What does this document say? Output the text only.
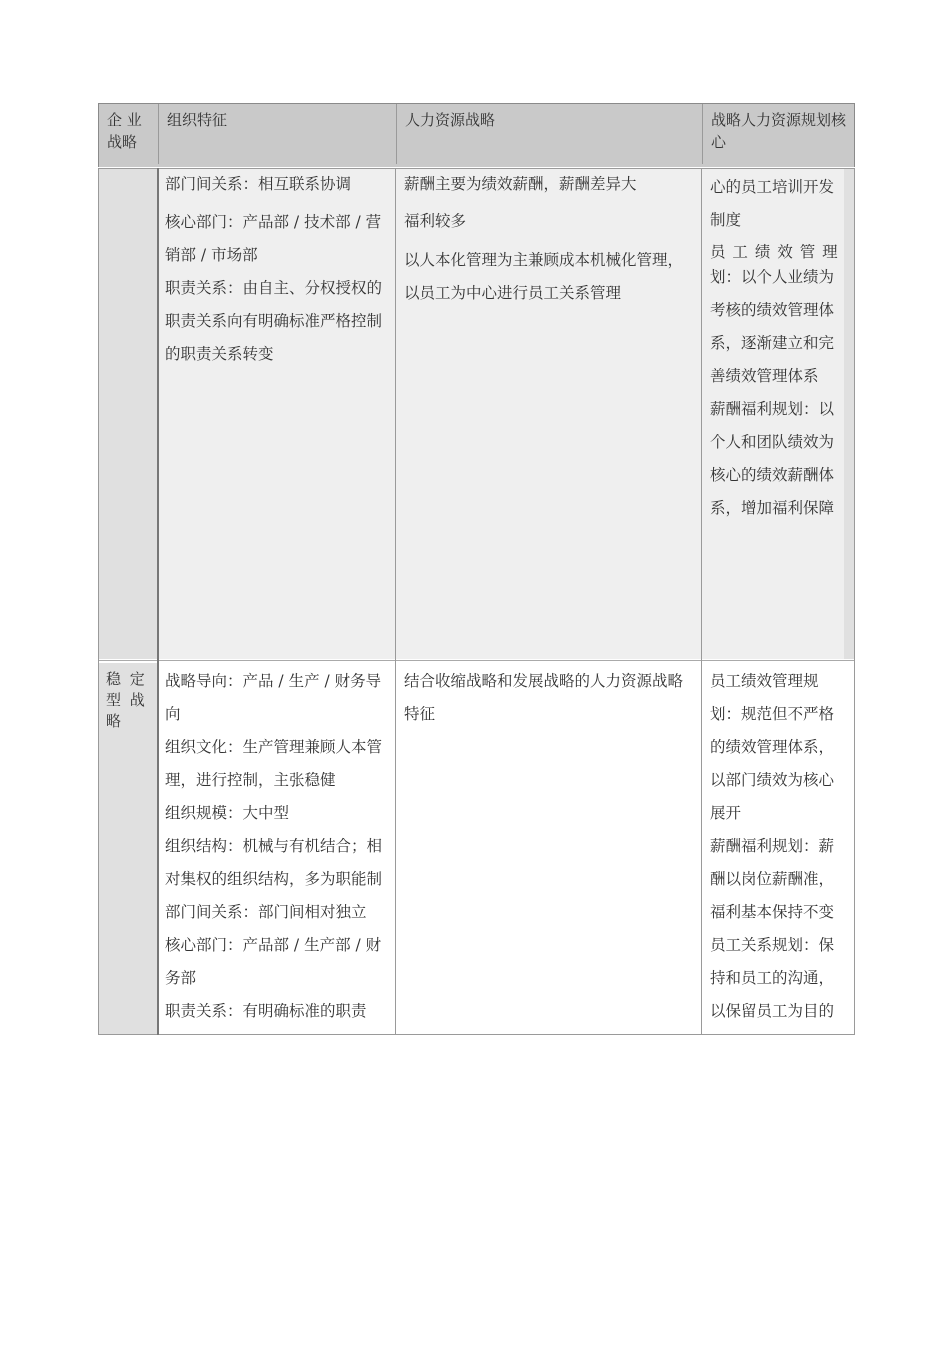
企 业 战略
组织特征	人力资源战略	战略人力资源规划核心

部门间关系：相互联系协调

核心部门：产品部 / 技术部 / 营销部 / 市场部

职责关系：由自主、分权授权的职责关系向有明确标准严格控制的职责关系转变

薪酬主要为绩效薪酬，薪酬差异大

福利较多

以人本化管理为主兼顾成本机械化管理，以员工为中心进行员工关系管理

心的员工培训开发制度

员 工 绩 效 管 理

划：以个人业绩为考核的绩效管理体系，逐渐建立和完善绩效管理体系

薪酬福利规划：以个人和团队绩效为核心的绩效薪酬体系，增加福利保障

稳 定 型 战 略

战略导向：产品 / 生产 / 财务导向

组织文化：生产管理兼顾人本管理，进行控制，主张稳健

组织规模：大中型

组织结构：机械与有机结合；相对集权的组织结构，多为职能制

部门间关系：部门间相对独立

核心部门：产品部 / 生产部 / 财务部

职责关系：有明确标准的职责

结合收缩战略和发展战略的人力资源战略特征

员工绩效管理规划：规范但不严格的绩效管理体系，以部门绩效为核心展开

薪酬福利规划：薪酬以岗位薪酬准，福利基本保持不变

员工关系规划：保持和员工的沟通，以保留员工为目的
